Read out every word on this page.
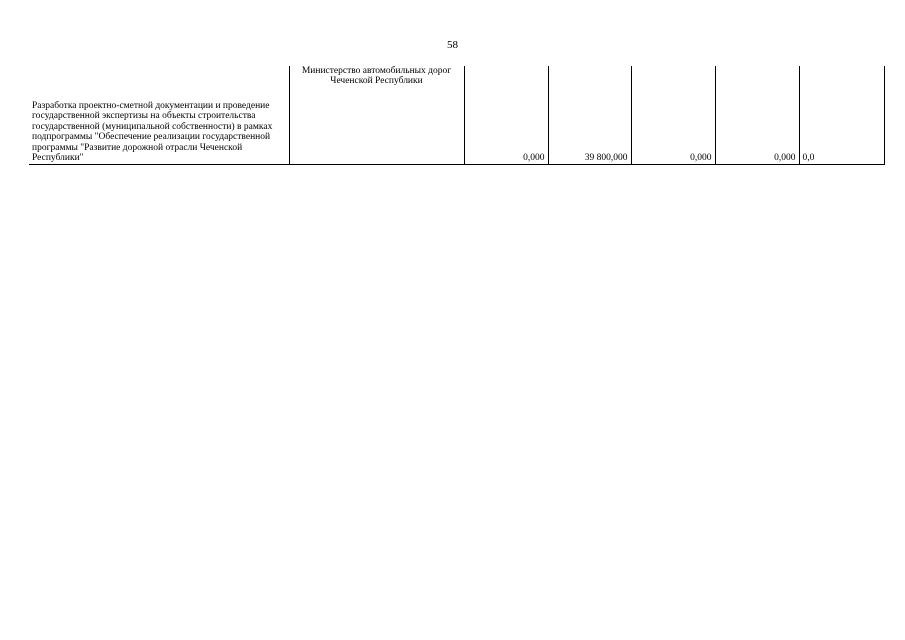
58
Разработка проектно-сметной документации и проведение государственной экспертизы на объекты строительства государственной (муниципальной собственности) в рамках подпрограммы "Обеспечение реализации государственной программы "Развитие дорожной отрасли Чеченской Республики"	Министерство автомобильных дорог Чеченской Республики	0,000	39 800,000	0,000	0,000	0,0
